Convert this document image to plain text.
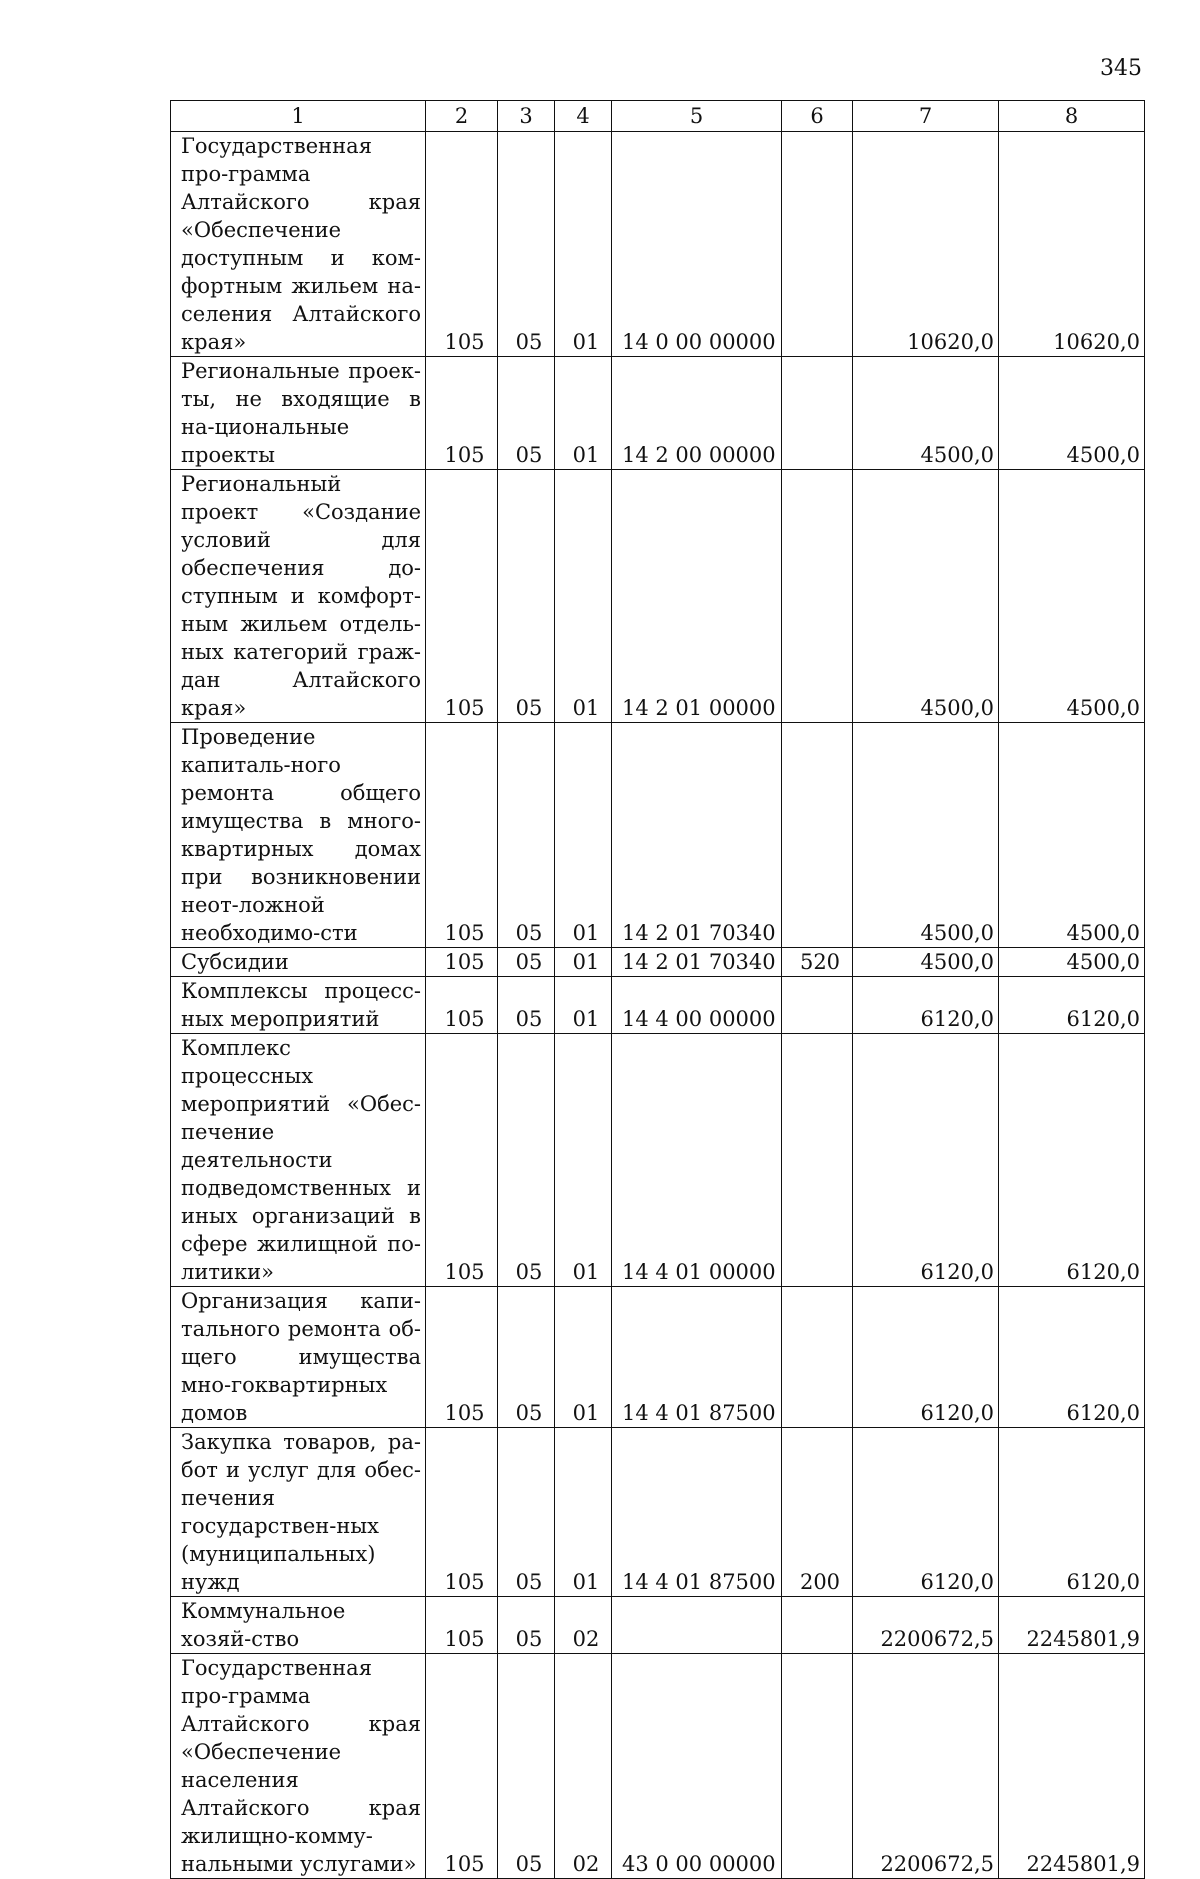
345
1	2	3	4	5	6	7	8
Государственная про-грамма Алтайского края «Обеспечение доступным и ком-фортным жильем на-селения Алтайского края»	105	05	01	14 0 00 00000		10620,0	10620,0
Региональные проек-ты, не входящие в на-циональные проекты	105	05	01	14 2 00 00000		4500,0	4500,0
Региональный проект «Создание условий для обеспечения до-ступным и комфорт-ным жильем отдель-ных категорий граж-дан Алтайского края»	105	05	01	14 2 01 00000		4500,0	4500,0
Проведение капиталь-ного ремонта общего имущества в много-квартирных домах при возникновении неот-ложной необходимо-сти	105	05	01	14 2 01 70340		4500,0	4500,0
Субсидии	105	05	01	14 2 01 70340	520	4500,0	4500,0
Комплексы процесс-ных мероприятий	105	05	01	14 4 00 00000		6120,0	6120,0
Комплекс процессных мероприятий «Обес-печение деятельности подведомственных и иных организаций в сфере жилищной по-литики»	105	05	01	14 4 01 00000		6120,0	6120,0
Организация капи-тального ремонта об-щего имущества мно-гоквартирных домов	105	05	01	14 4 01 87500		6120,0	6120,0
Закупка товаров, ра-бот и услуг для обес-печения государствен-ных (муниципальных) нужд	105	05	01	14 4 01 87500	200	6120,0	6120,0
Коммунальное хозяй-ство	105	05	02			2200672,5	2245801,9
Государственная про-грамма Алтайского края «Обеспечение населения Алтайского края жилищно-комму-нальными услугами»	105	05	02	43 0 00 00000		2200672,5	2245801,9
